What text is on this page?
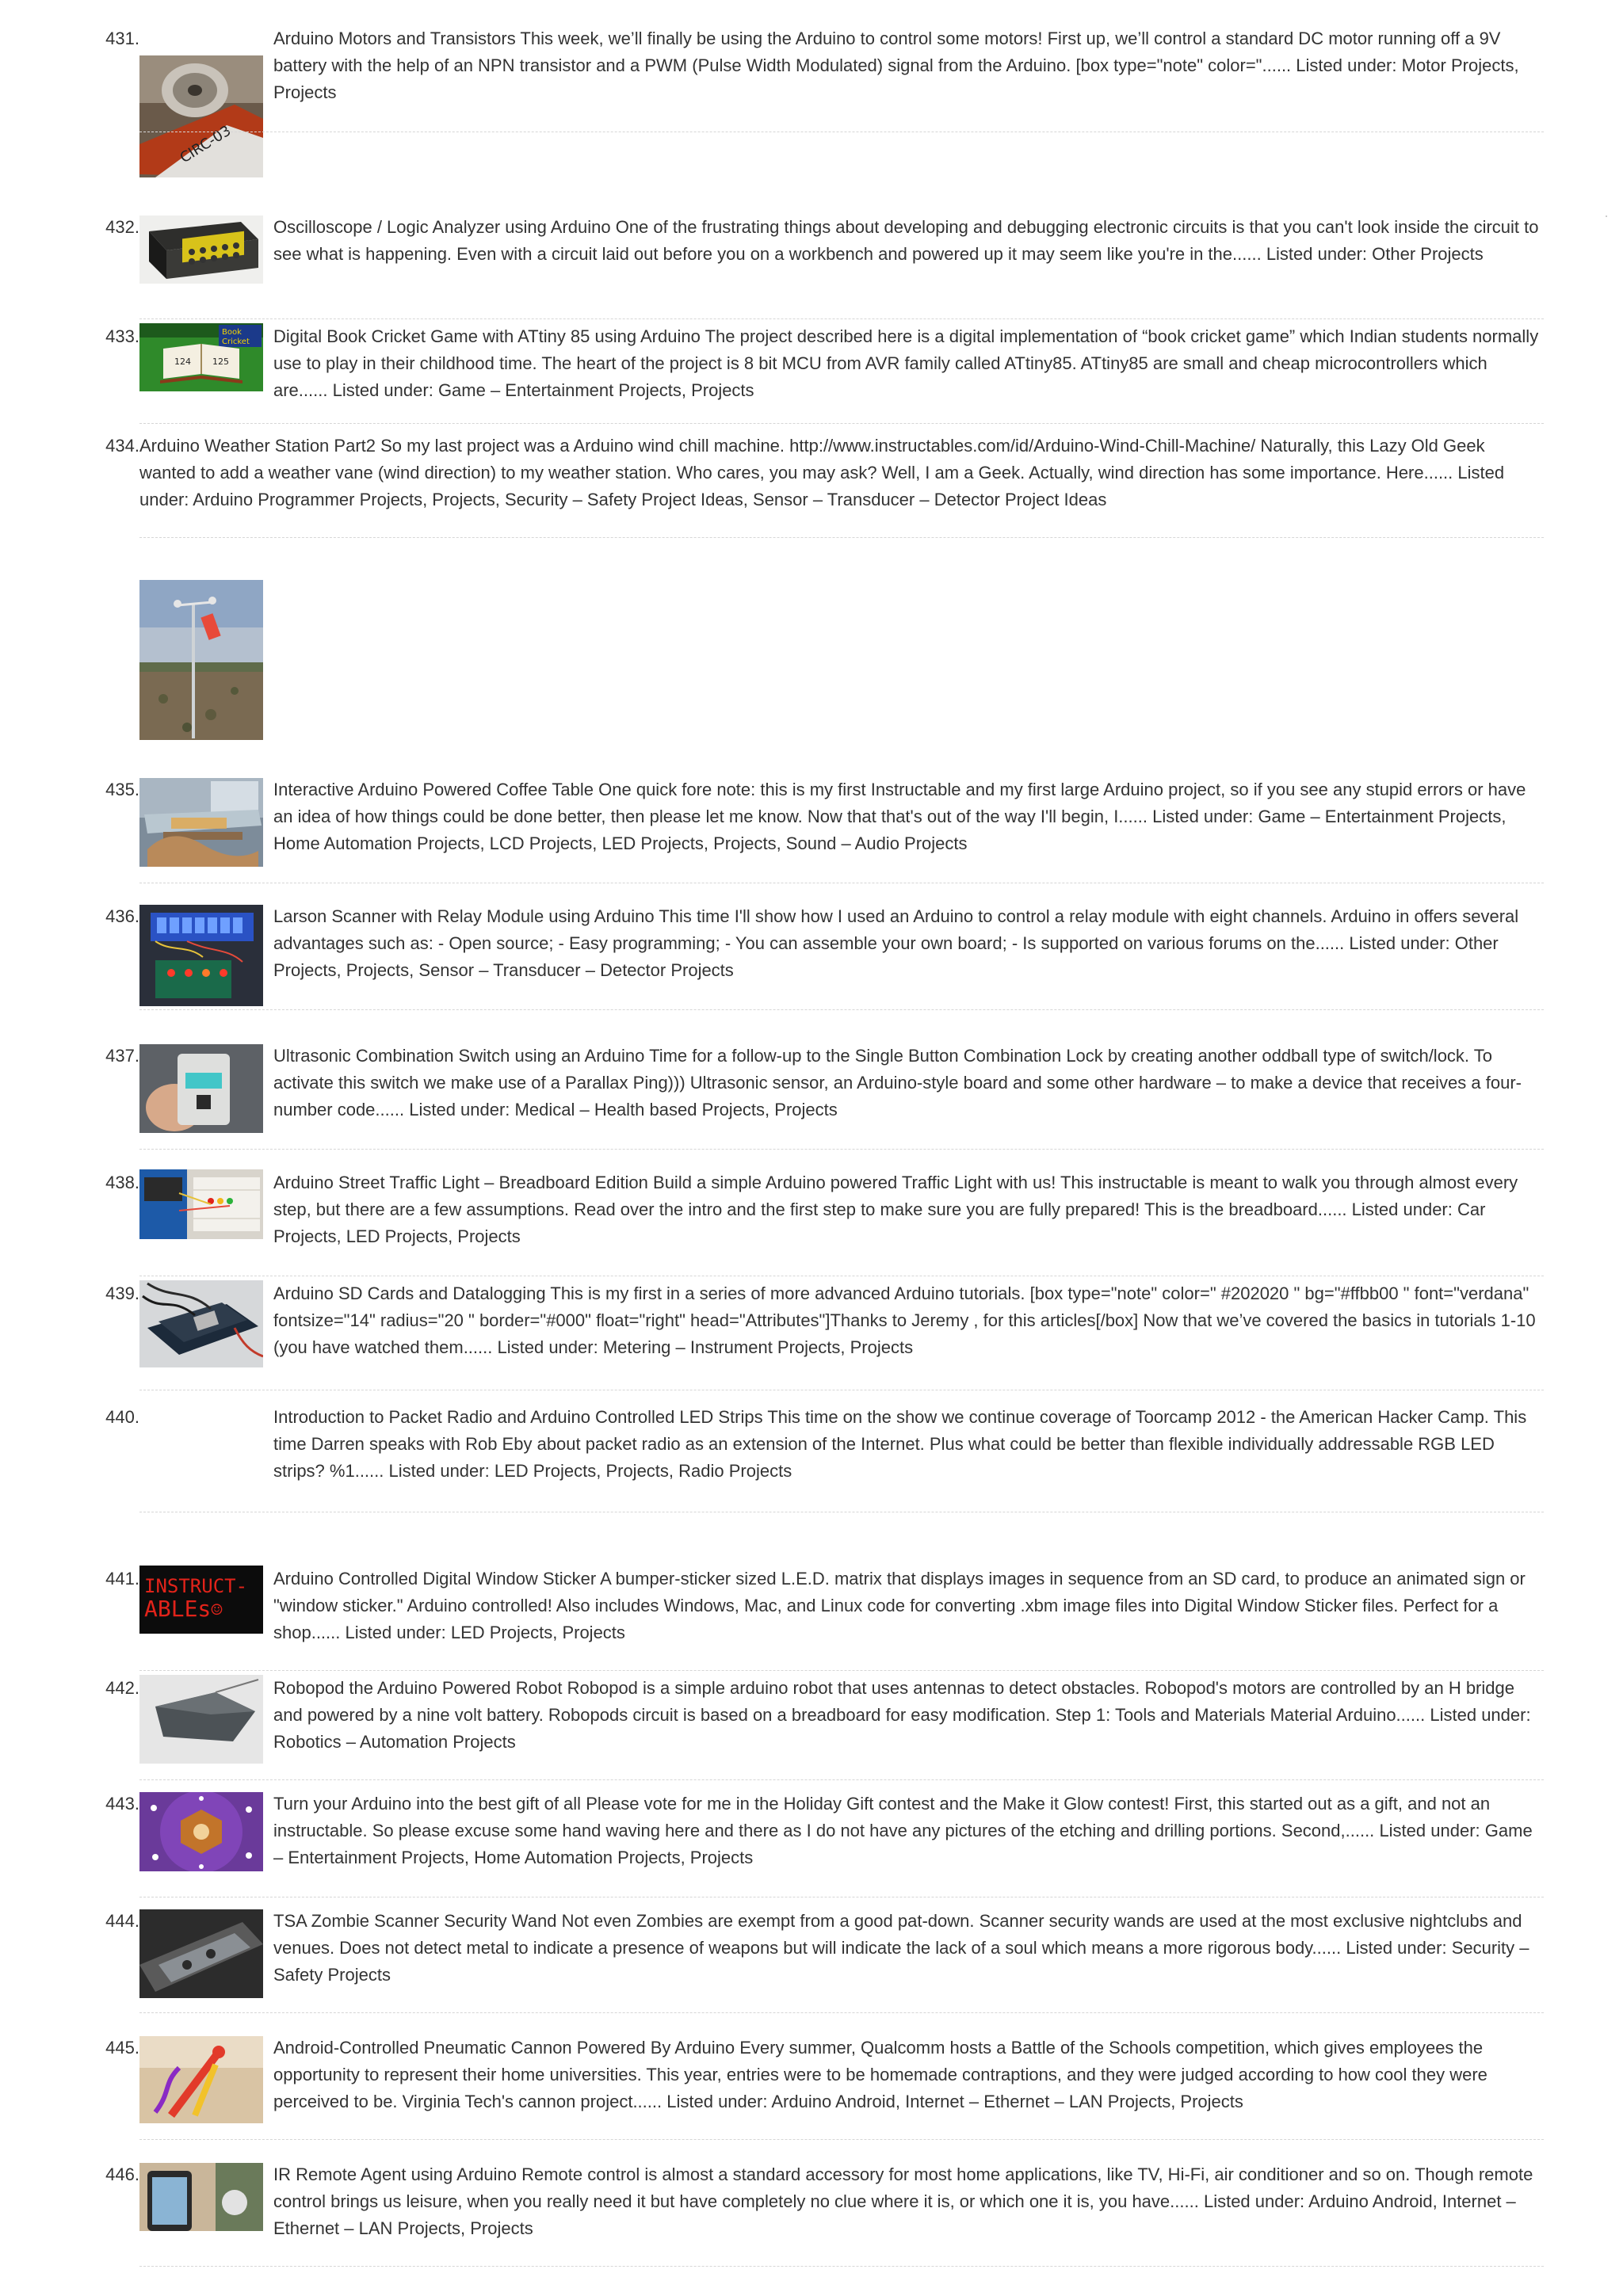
431.
CIRC-03

Arduino Motors and Transistors This week, we’ll finally be using the Arduino to control some motors! First up, we’ll control a standard DC motor running off a 9V battery with the help of an NPN transistor and a PWM (Pulse Width Modulated) signal from the Arduino. [box type="note" color="...... Listed under: Motor Projects, Projects

432.	Oscilloscope / Logic Analyzer using Arduino One of the frustrating things about developing and debugging electronic circuits is that you can't look inside the circuit to see what is happening. Even with a circuit laid out before you on a workbench and powered up it may seem like you're in the...... Listed under: Other Projects

433.	Book
Cricket
124 125

Digital Book Cricket Game with ATtiny 85 using Arduino The project described here is a digital implementation of “book cricket game” which Indian students normally use to play in their childhood time. The heart of the project is 8 bit MCU from AVR family called ATtiny85. ATtiny85 are small and cheap microcontrollers which are...... Listed under: Game – Entertainment Projects, Projects

434. Arduino Weather Station Part2 So my last project was a Arduino wind chill machine. http://www.instructables.com/id/Arduino-Wind-Chill-Machine/ Naturally, this Lazy Old Geek wanted to add a weather vane (wind direction) to my weather station. Who cares, you may ask? Well, I am a Geek. Actually, wind direction has some importance. Here...... Listed under: Arduino Programmer Projects, Projects, Security – Safety Project Ideas, Sensor – Transducer – Detector Project Ideas

435.	Interactive Arduino Powered Coffee Table One quick fore note: this is my first Instructable and my first large Arduino project, so if you see any stupid errors or have an idea of how things could be done better, then please let me know. Now that that's out of the way I'll begin, I...... Listed under: Game – Entertainment Projects, Home Automation Projects, LCD Projects, LED Projects, Projects, Sound – Audio Projects

436.	Larson Scanner with Relay Module using Arduino This time I'll show how I used an Arduino to control a relay module with eight channels. Arduino in offers several advantages such as: - Open source; - Easy programming; - You can assemble your own board; - Is supported on various forums on the...... Listed under: Other Projects, Projects, Sensor – Transducer – Detector Projects

437.	Ultrasonic Combination Switch using an Arduino Time for a follow-up to the Single Button Combination Lock by creating another oddball type of switch/lock. To activate this switch we make use of a Parallax Ping))) Ultrasonic sensor, an Arduino-style board and some other hardware – to make a device that receives a four-number code...... Listed under: Medical – Health based Projects, Projects

438.	Arduino Street Traffic Light – Breadboard Edition Build a simple Arduino powered Traffic Light with us! This instructable is meant to walk you through almost every step, but there are a few assumptions. Read over the intro and the first step to make sure you are fully prepared! This is the breadboard...... Listed under: Car Projects, LED Projects, Projects

439.	Arduino SD Cards and Datalogging This is my first in a series of more advanced Arduino tutorials. [box type="note" color=" #202020 " bg="#ffbb00 " font="verdana" fontsize="14" radius="20 " border="#000" float="right" head="Attributes"]Thanks to Jeremy , for this articles[/box] Now that we’ve covered the basics in tutorials 1-10 (you have watched them...... Listed under: Metering – Instrument Projects, Projects

440.	Introduction to Packet Radio and Arduino Controlled LED Strips This time on the show we continue coverage of Toorcamp 2012 - the American Hacker Camp. This time Darren speaks with Rob Eby about packet radio as an extension of the Internet. Plus what could be better than flexible individually addressable RGB LED strips? %1...... Listed under: LED Projects, Projects, Radio Projects

441. INSTRUCT-
ABLEs☺

Arduino Controlled Digital Window Sticker A bumper-sticker sized L.E.D. matrix that displays images in sequence from an SD card, to produce an animated sign or "window sticker." Arduino controlled! Also includes Windows, Mac, and Linux code for converting .xbm image files into Digital Window Sticker files. Perfect for a shop...... Listed under: LED Projects, Projects

442.	Robopod the Arduino Powered Robot Robopod is a simple arduino robot that uses antennas to detect obstacles. Robopod's motors are controlled by an H bridge and powered by a nine volt battery. Robopods circuit is based on a breadboard for easy modification. Step 1: Tools and Materials Material Arduino...... Listed under: Robotics – Automation Projects

443.	Turn your Arduino into the best gift of all Please vote for me in the Holiday Gift contest and the Make it Glow contest! First, this started out as a gift, and not an instructable. So please excuse some hand waving here and there as I do not have any pictures of the etching and drilling portions. Second,...... Listed under: Game – Entertainment Projects, Home Automation Projects, Projects

444.	TSA Zombie Scanner Security Wand Not even Zombies are exempt from a good pat-down. Scanner security wands are used at the most exclusive nightclubs and venues. Does not detect metal to indicate a presence of weapons but will indicate the lack of a soul which means a more rigorous body...... Listed under: Security – Safety Projects

445.	Android-Controlled Pneumatic Cannon Powered By Arduino Every summer, Qualcomm hosts a Battle of the Schools competition, which gives employees the opportunity to represent their home universities. This year, entries were to be homemade contraptions, and they were judged according to how cool they were perceived to be. Virginia Tech's cannon project...... Listed under: Arduino Android, Internet – Ethernet – LAN Projects, Projects

446.	IR Remote Agent using Arduino Remote control is almost a standard accessory for most home applications, like TV, Hi-Fi, air conditioner and so on. Though remote control brings us leisure, when you really need it but have completely no clue where it is, or which one it is, you have...... Listed under: Arduino Android, Internet – Ethernet – LAN Projects, Projects
